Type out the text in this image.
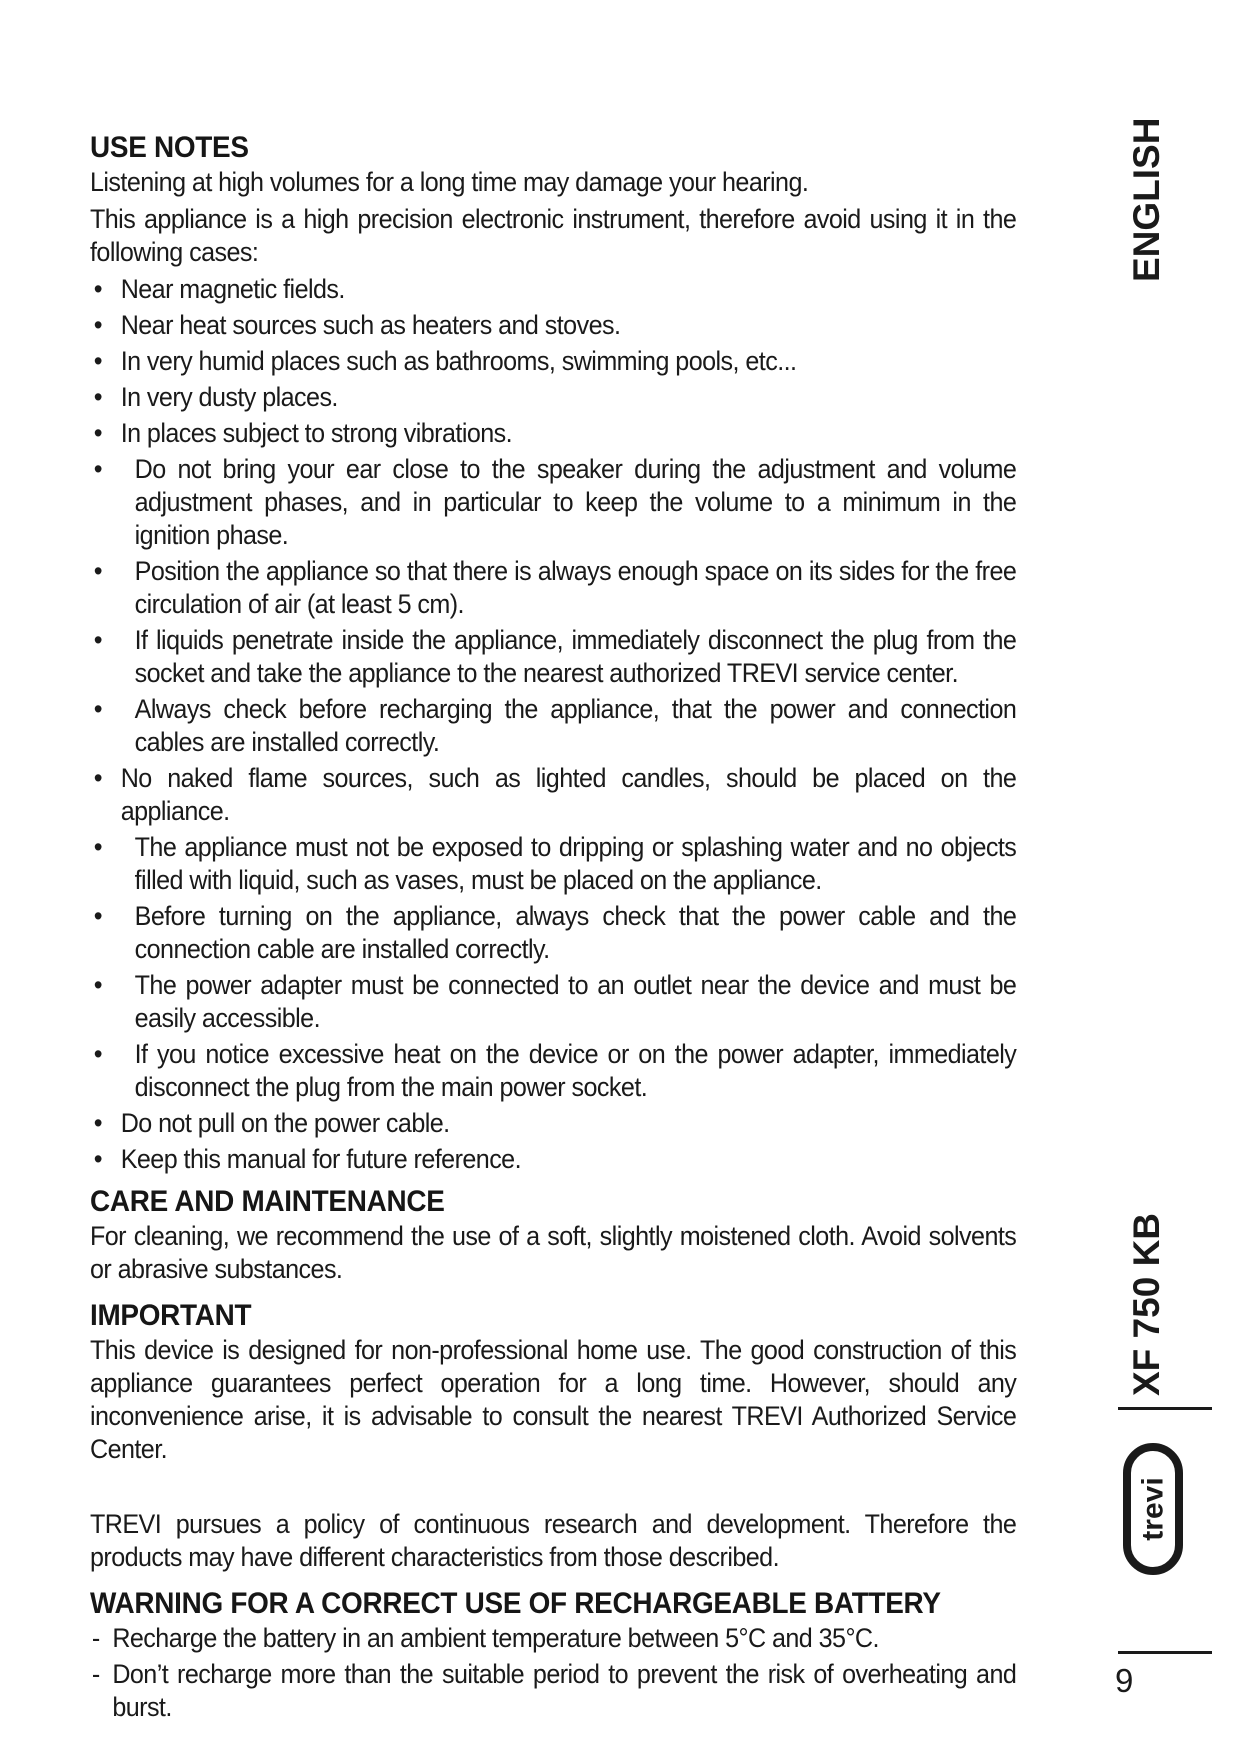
USE NOTES

Listening at high volumes for a long time may damage your hearing.

This appliance is a high precision electronic instrument, therefore avoid using it in the following cases:

• Near magnetic fields.
• Near heat sources such as heaters and stoves.
• In very humid places such as bathrooms, swimming pools, etc...
• In very dusty places.
• In places subject to strong vibrations.
• Do not bring your ear close to the speaker during the adjustment and volume adjustment phases, and in particular to keep the volume to a minimum in the ignition phase.
• Position the appliance so that there is always enough space on its sides for the free circulation of air (at least 5 cm).
• If liquids penetrate inside the appliance, immediately disconnect the plug from the socket and take the appliance to the nearest authorized TREVI service center.
• Always check before recharging the appliance, that the power and connection cables are installed correctly.
• No naked flame sources, such as lighted candles, should be placed on the appliance.
• The appliance must not be exposed to dripping or splashing water and no objects filled with liquid, such as vases, must be placed on the appliance.
• Before turning on the appliance, always check that the power cable and the connection cable are installed correctly.
• The power adapter must be connected to an outlet near the device and must be easily accessible.
• If you notice excessive heat on the device or on the power adapter, immediately disconnect the plug from the main power socket.
• Do not pull on the power cable.
• Keep this manual for future reference.
CARE AND MAINTENANCE

For cleaning, we recommend the use of a soft, slightly moistened cloth. Avoid solvents or abrasive substances.

IMPORTANT

This device is designed for non-professional home use. The good construction of this appliance guarantees perfect operation for a long time. However, should any inconvenience arise, it is advisable to consult the nearest TREVI Authorized Service Center.

TREVI pursues a policy of continuous research and development. Therefore the products may have different characteristics from those described.

WARNING FOR A CORRECT USE OF RECHARGEABLE BATTERY
- Recharge the battery in an ambient temperature between 5°C and 35°C.
- Don’t recharge more than the suitable period to prevent the risk of overheating and burst.
ENGLISH
XF 750 KB
trevi
9
